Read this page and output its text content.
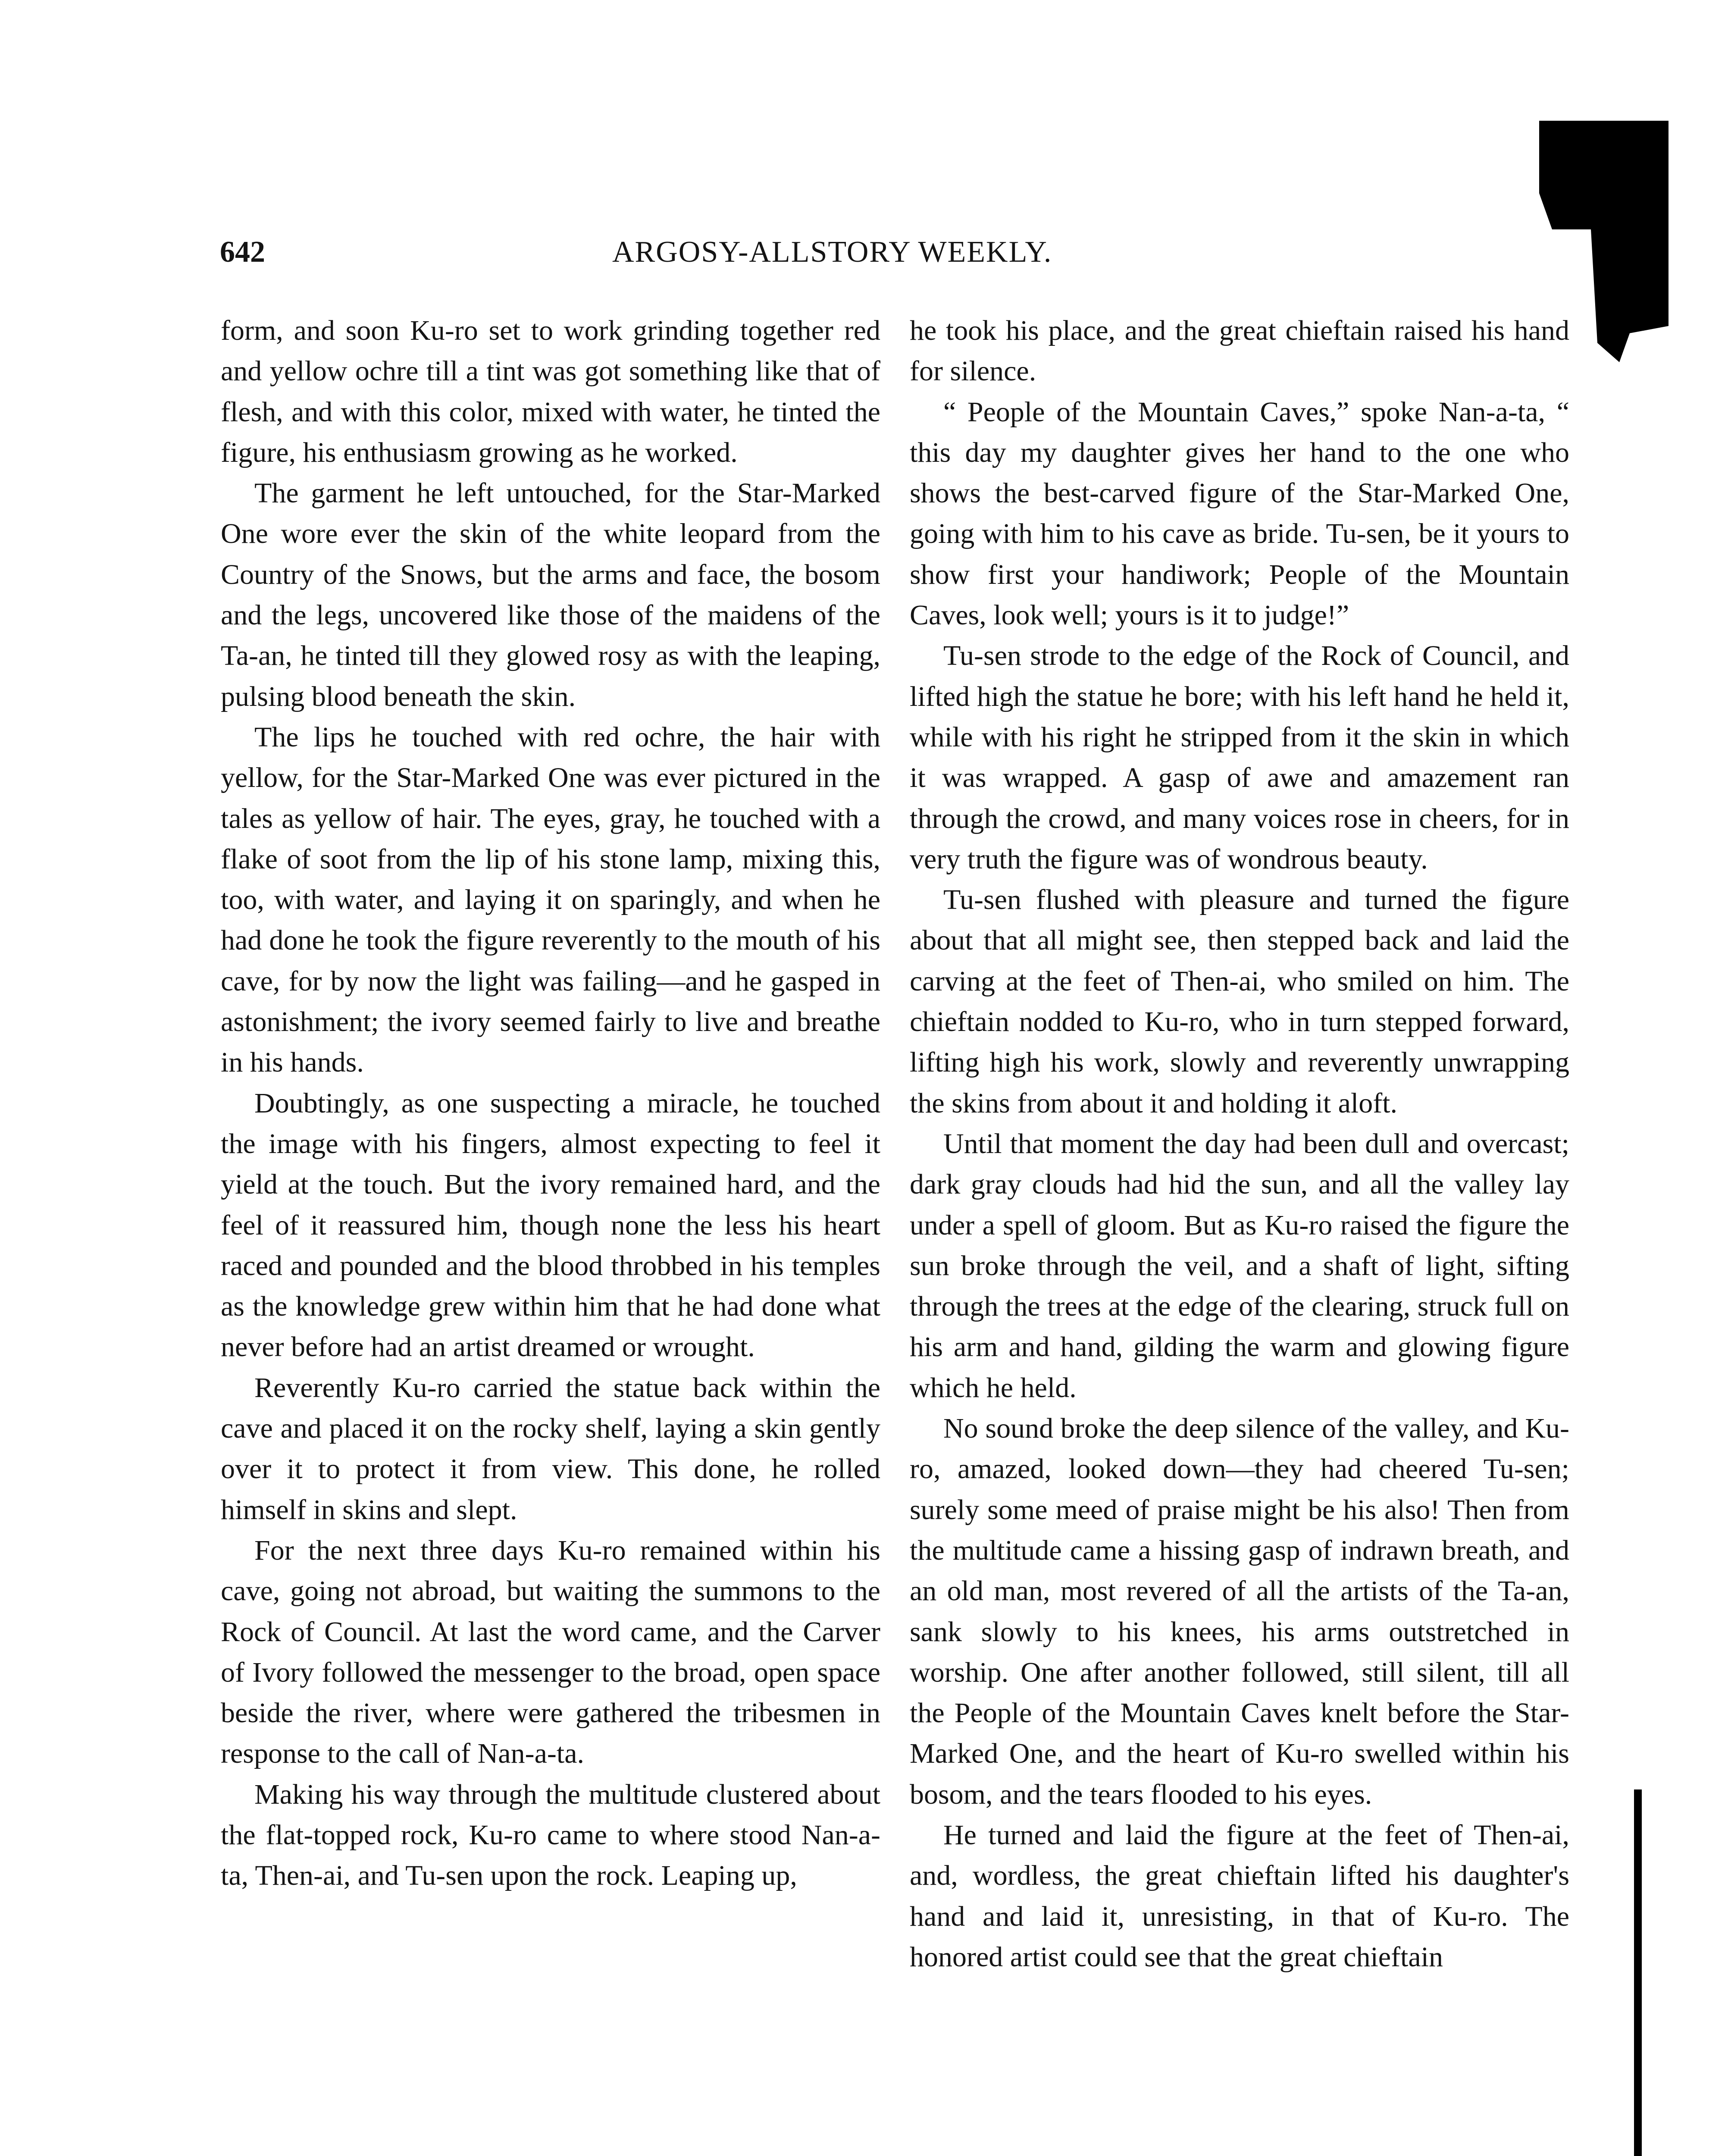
642	ARGOSY-ALLSTORY WEEKLY.

form, and soon Ku-ro set to work grinding together red and yellow ochre till a tint was got something like that of flesh, and with this color, mixed with water, he tinted the figure, his enthusiasm growing as he worked.

The garment he left untouched, for the Star-Marked One wore ever the skin of the white leopard from the Country of the Snows, but the arms and face, the bosom and the legs, uncovered like those of the maidens of the Ta-an, he tinted till they glowed rosy as with the leaping, pulsing blood beneath the skin.

The lips he touched with red ochre, the hair with yellow, for the Star-Marked One was ever pictured in the tales as yellow of hair. The eyes, gray, he touched with a flake of soot from the lip of his stone lamp, mixing this, too, with water, and laying it on sparingly, and when he had done he took the figure reverently to the mouth of his cave, for by now the light was failing—and he gasped in astonishment; the ivory seemed fairly to live and breathe in his hands.

Doubtingly, as one suspecting a miracle, he touched the image with his fingers, almost expecting to feel it yield at the touch. But the ivory remained hard, and the feel of it reassured him, though none the less his heart raced and pounded and the blood throbbed in his temples as the knowledge grew within him that he had done what never before had an artist dreamed or wrought.

Reverently Ku-ro carried the statue back within the cave and placed it on the rocky shelf, laying a skin gently over it to protect it from view. This done, he rolled himself in skins and slept.

For the next three days Ku-ro remained within his cave, going not abroad, but waiting the summons to the Rock of Council. At last the word came, and the Carver of Ivory followed the messenger to the broad, open space beside the river, where were gathered the tribesmen in response to the call of Nan-a-ta.

Making his way through the multitude clustered about the flat-topped rock, Ku-ro came to where stood Nan-a-ta, Then-ai, and Tu-sen upon the rock. Leaping up,

he took his place, and the great chieftain raised his hand for silence.

“ People of the Mountain Caves,” spoke Nan-a-ta, “ this day my daughter gives her hand to the one who shows the best-carved figure of the Star-Marked One, going with him to his cave as bride. Tu-sen, be it yours to show first your handiwork; People of the Mountain Caves, look well; yours is it to judge!”

Tu-sen strode to the edge of the Rock of Council, and lifted high the statue he bore; with his left hand he held it, while with his right he stripped from it the skin in which it was wrapped. A gasp of awe and amazement ran through the crowd, and many voices rose in cheers, for in very truth the figure was of wondrous beauty.

Tu-sen flushed with pleasure and turned the figure about that all might see, then stepped back and laid the carving at the feet of Then-ai, who smiled on him. The chieftain nodded to Ku-ro, who in turn stepped forward, lifting high his work, slowly and reverently unwrapping the skins from about it and holding it aloft.

Until that moment the day had been dull and overcast; dark gray clouds had hid the sun, and all the valley lay under a spell of gloom. But as Ku-ro raised the figure the sun broke through the veil, and a shaft of light, sifting through the trees at the edge of the clearing, struck full on his arm and hand, gilding the warm and glowing figure which he held.

No sound broke the deep silence of the valley, and Ku-ro, amazed, looked down—they had cheered Tu-sen; surely some meed of praise might be his also! Then from the multitude came a hissing gasp of indrawn breath, and an old man, most revered of all the artists of the Ta-an, sank slowly to his knees, his arms outstretched in worship. One after another followed, still silent, till all the People of the Mountain Caves knelt before the Star-Marked One, and the heart of Ku-ro swelled within his bosom, and the tears flooded to his eyes.

He turned and laid the figure at the feet of Then-ai, and, wordless, the great chieftain lifted his daughter's hand and laid it, unresisting, in that of Ku-ro. The honored artist could see that the great chieftain
